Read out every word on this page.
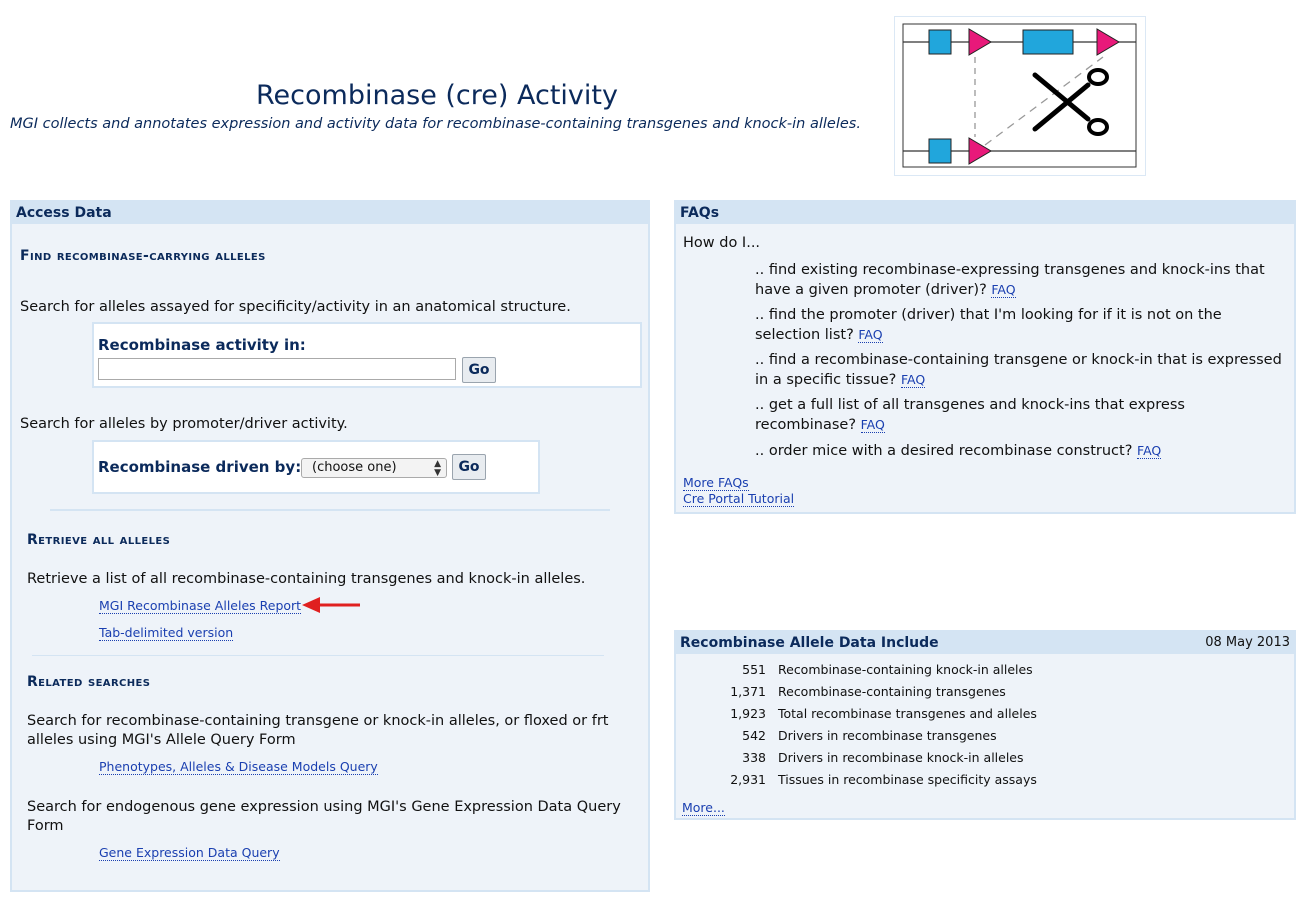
Recombinase (cre) Activity

MGI collects and annotates expression and activity data for recombinase-containing transgenes and knock-in alleles.

Access Data
Find recombinase-carrying alleles
Search for alleles assayed for specificity/activity in an anatomical structure.
Recombinase activity in:
Go
Search for alleles by promoter/driver activity.
Recombinase driven by: (choose one)	▲
▼	Go
Retrieve all alleles
Retrieve a list of all recombinase-containing transgenes and knock-in alleles.
MGI Recombinase Alleles Report
Tab-delimited version
Related searches
Search for recombinase-containing transgene or knock-in alleles, or floxed or frt alleles using MGI's Allele Query Form
Phenotypes, Alleles & Disease Models Query
Search for endogenous gene expression using MGI's Gene Expression Data Query Form
Gene Expression Data Query
FAQs
How do I...
.. find existing recombinase-expressing transgenes and knock-ins that have a given promoter (driver)? FAQ
.. find the promoter (driver) that I'm looking for if it is not on the selection list? FAQ
.. find a recombinase-containing transgene or knock-in that is expressed in a specific tissue? FAQ
.. get a full list of all transgenes and knock-ins that express recombinase? FAQ
.. order mice with a desired recombinase construct? FAQ
More FAQs
Cre Portal Tutorial
Recombinase Allele Data Include	08 May 2013
551 Recombinase-containing knock-in alleles
1,371 Recombinase-containing transgenes
1,923 Total recombinase transgenes and alleles
542 Drivers in recombinase transgenes
338 Drivers in recombinase knock-in alleles
2,931 Tissues in recombinase specificity assays
More...
